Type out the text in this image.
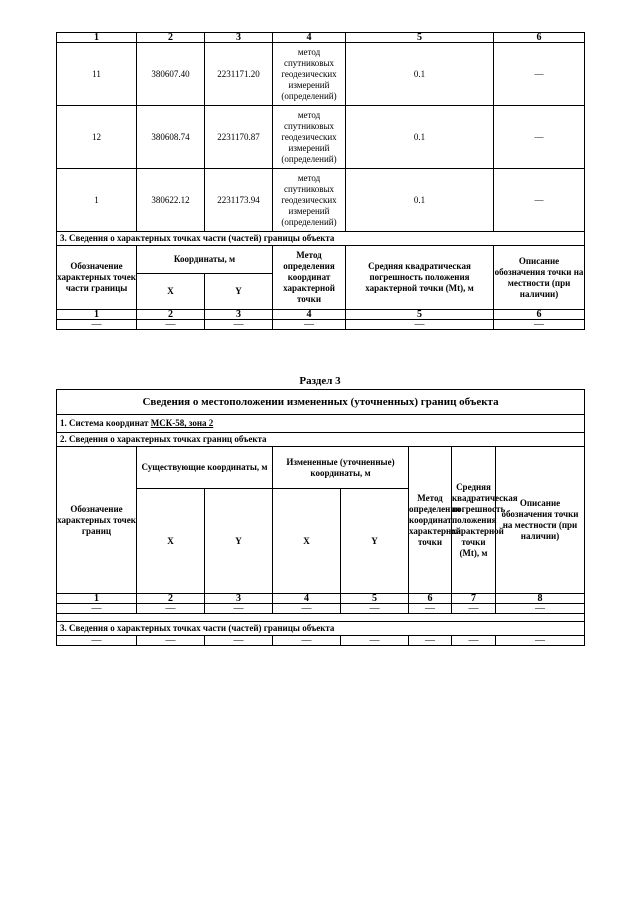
1	2	3	4	5	6
11	380607.40	2231171.20	метод спутниковых геодезических измерений (определений)	0.1	—
12	380608.74	2231170.87	метод спутниковых геодезических измерений (определений)	0.1	—
1	380622.12	2231173.94	метод спутниковых геодезических измерений (определений)	0.1	—
3. Сведения о характерных точках части (частей) границы объекта					
Обозначение характерных точек части границы	Координаты, м		Метод определения координат характерной точки	Средняя квадратическая погрешность положения характерной точки (Mt), м	Описание обозначения точки на местности (при наличии)
	X	Y			
1	2	3	4	5	6
—	—	—	—	—	—
Раздел 3
Сведения о местоположении измененных (уточненных) границ объекта							
1. Система координат МСК-58, зона 2							
2. Сведения о характерных точках границ объекта							
Обозначение характерных точек границ	Существующие координаты, м		Измененные (уточненные) координаты, м		Метод определения координат характерной точки	Средняя квадратическая погрешность положения характерной точки (Mt), м	Описание обозначения точки на местности (при наличии)
	X	Y	X	Y			
1	2	3	4	5	6	7	8
—	—	—	—	—	—	—	—

3. Сведения о характерных точках части (частей) границы объекта							
—	—	—	—	—	—	—	—
